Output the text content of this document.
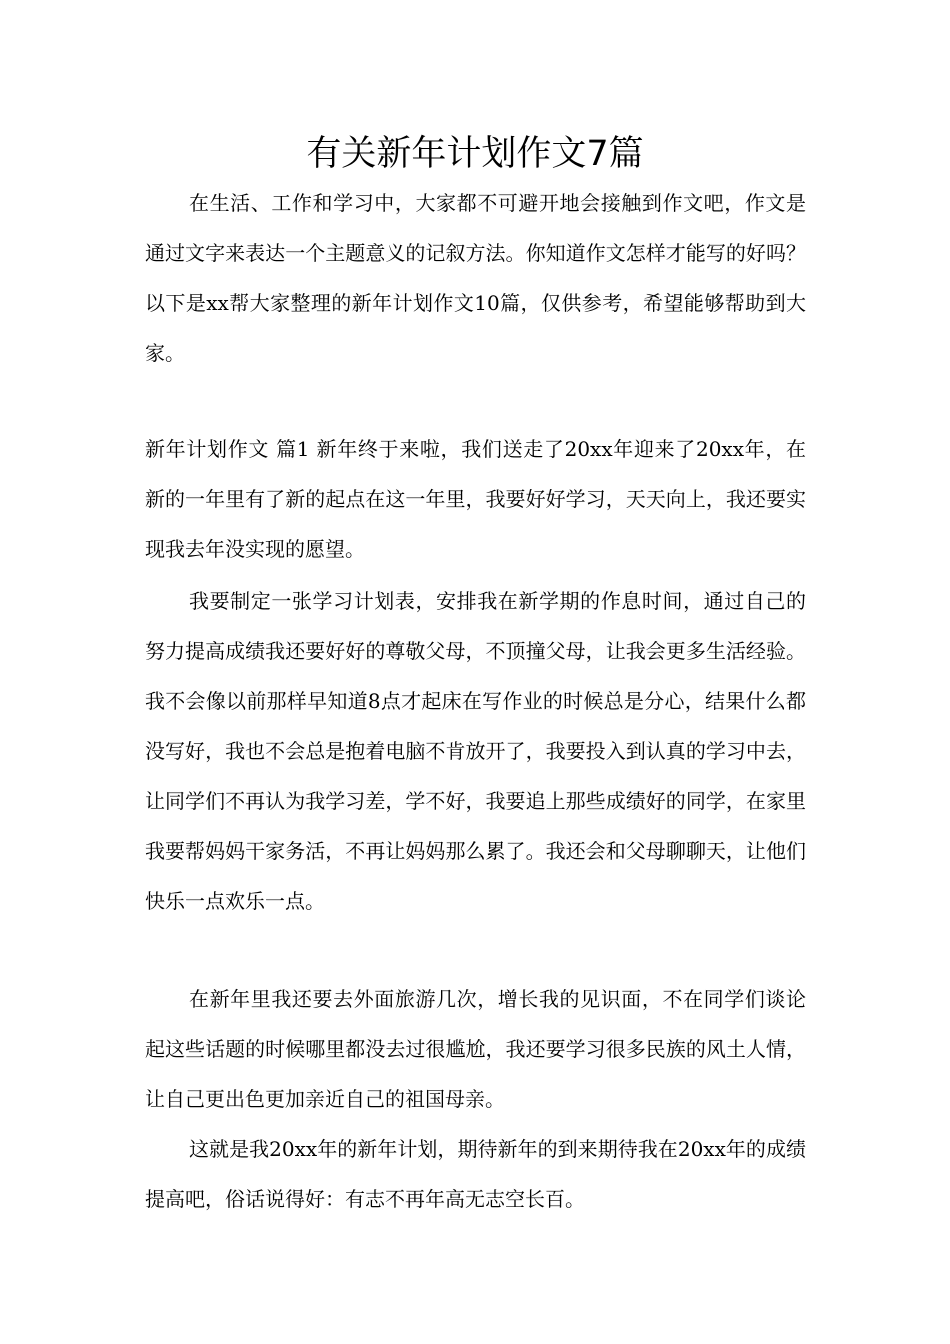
有关新年计划作文7篇

在生活、工作和学习中，大家都不可避开地会接触到作文吧，作文是通过文字来表达一个主题意义的记叙方法。你知道作文怎样才能写的好吗？以下是xx帮大家整理的新年计划作文10篇，仅供参考，希望能够帮助到大家。

新年计划作文 篇1 新年终于来啦，我们送走了20xx年迎来了20xx年，在新的一年里有了新的起点在这一年里，我要好好学习，天天向上，我还要实现我去年没实现的愿望。

我要制定一张学习计划表，安排我在新学期的作息时间，通过自己的努力提高成绩我还要好好的尊敬父母，不顶撞父母，让我会更多生活经验。我不会像以前那样早知道8点才起床在写作业的时候总是分心，结果什么都没写好，我也不会总是抱着电脑不肯放开了，我要投入到认真的学习中去，让同学们不再认为我学习差，学不好，我要追上那些成绩好的同学，在家里我要帮妈妈干家务活，不再让妈妈那么累了。我还会和父母聊聊天，让他们快乐一点欢乐一点。

在新年里我还要去外面旅游几次，增长我的见识面，不在同学们谈论起这些话题的时候哪里都没去过很尴尬，我还要学习很多民族的风土人情，让自己更出色更加亲近自己的祖国母亲。

这就是我20xx年的新年计划，期待新年的到来期待我在20xx年的成绩提高吧，俗话说得好：有志不再年高无志空长百。
